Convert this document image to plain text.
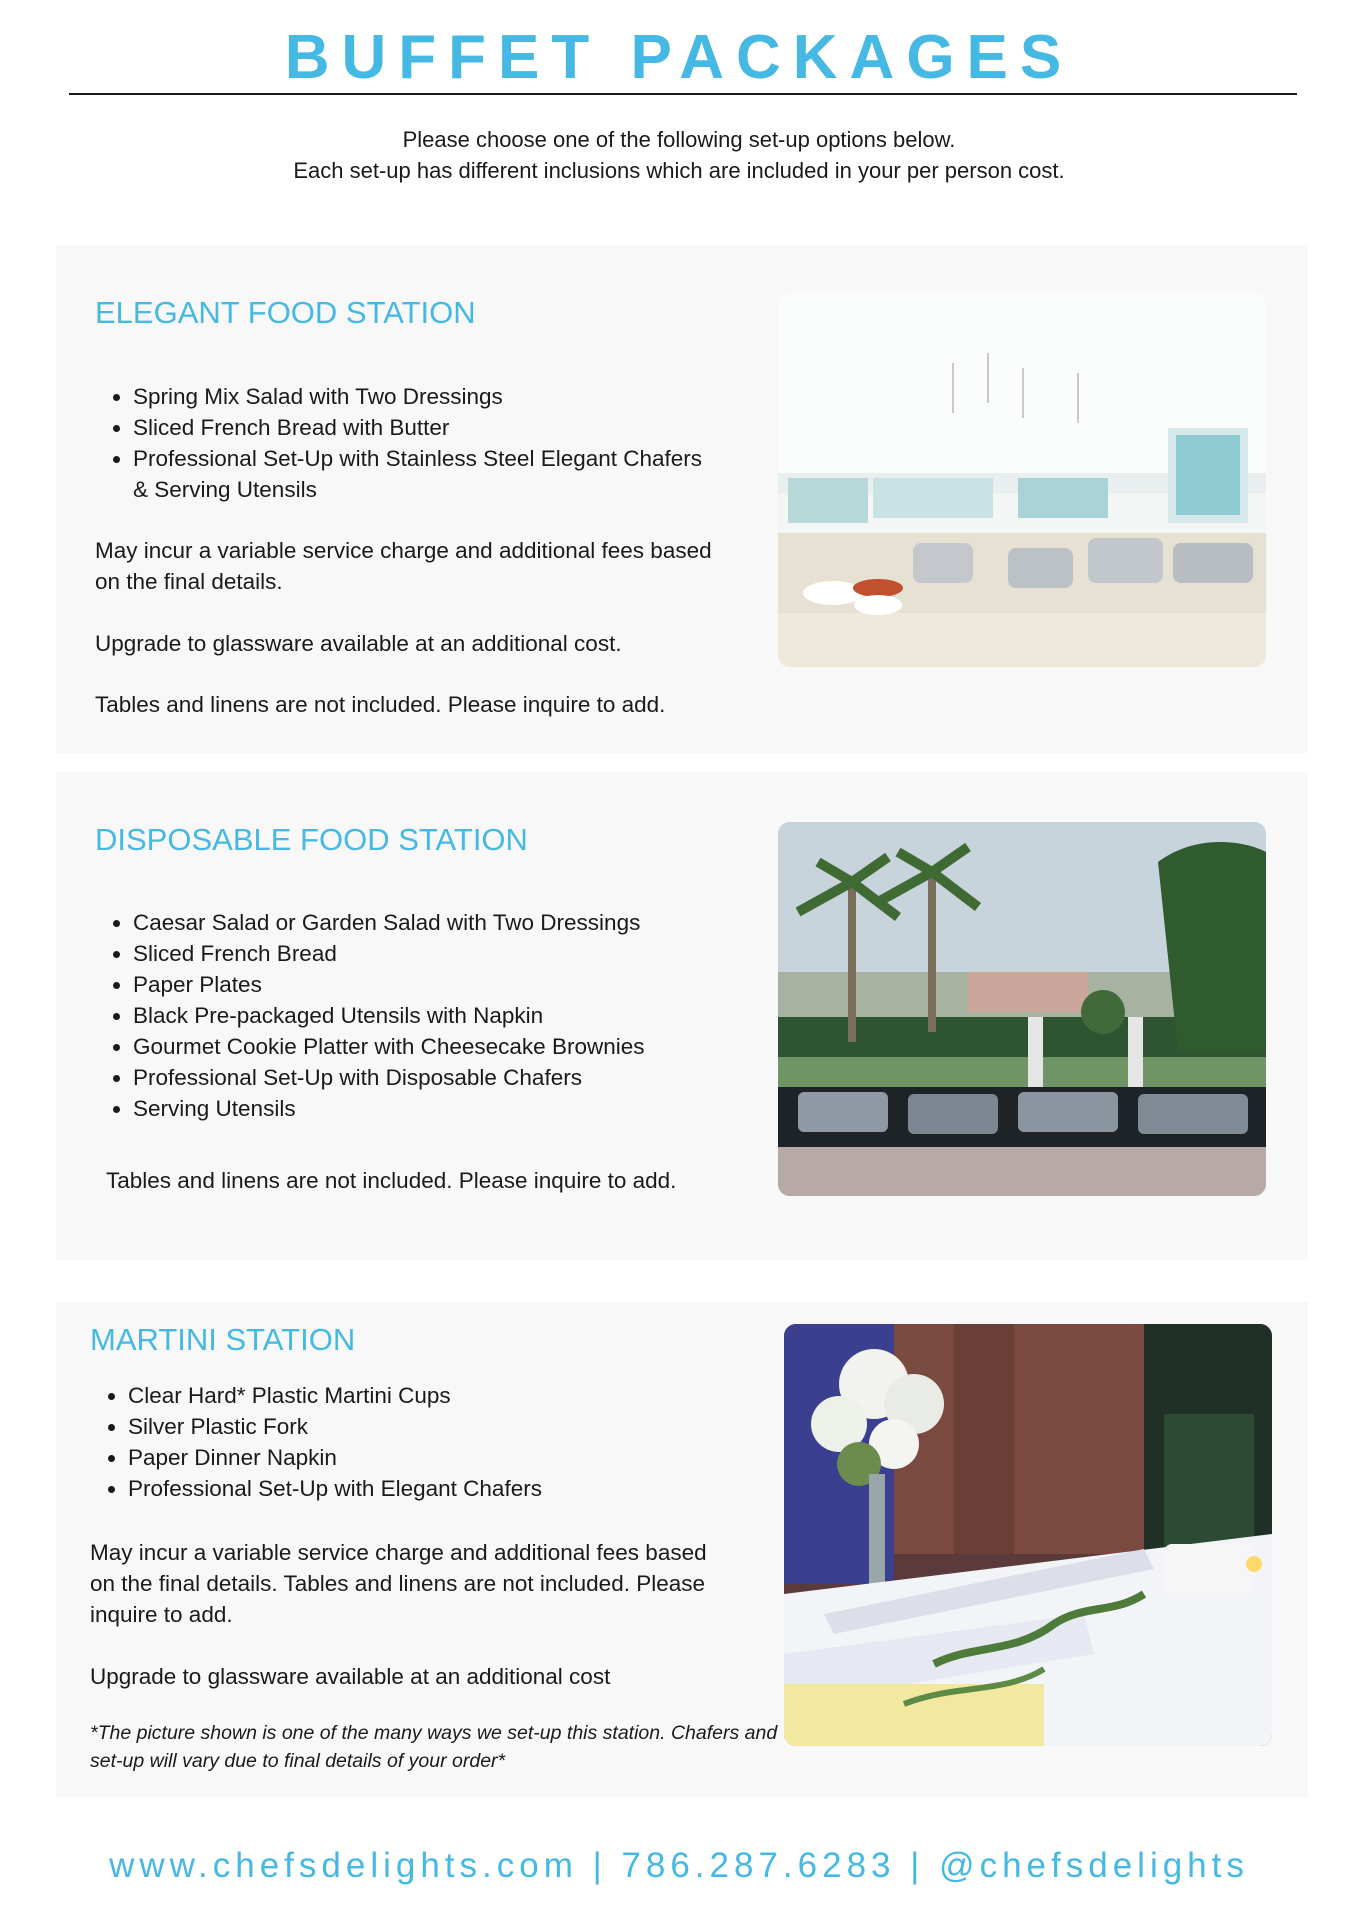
BUFFET PACKAGES
Please choose one of the following set-up options below.
Each set-up has different inclusions which are included in your per person cost.
ELEGANT FOOD STATION
• Spring Mix Salad with Two Dressings
• Sliced French Bread with Butter
• Professional Set-Up with Stainless Steel Elegant Chafers & Serving Utensils

May incur a variable service charge and additional fees based on the final details.

Upgrade to glassware available at an additional cost.

Tables and linens are not included. Please inquire to add.

DISPOSABLE FOOD STATION
• Caesar Salad or Garden Salad with Two Dressings
• Sliced French Bread
• Paper Plates
• Black Pre-packaged Utensils with Napkin
• Gourmet Cookie Platter with Cheesecake Brownies
• Professional Set-Up with Disposable Chafers
• Serving Utensils

Tables and linens are not included. Please inquire to add.

MARTINI STATION
• Clear Hard* Plastic Martini Cups
• Silver Plastic Fork
• Paper Dinner Napkin
• Professional Set-Up with Elegant Chafers

May incur a variable service charge and additional fees based on the final details. Tables and linens are not included. Please inquire to add.

Upgrade to glassware available at an additional cost

*The picture shown is one of the many ways we set-up this station. Chafers and set-up will vary due to final details of your order*

www.chefsdelights.com | 786.287.6283 | @chefsdelights
